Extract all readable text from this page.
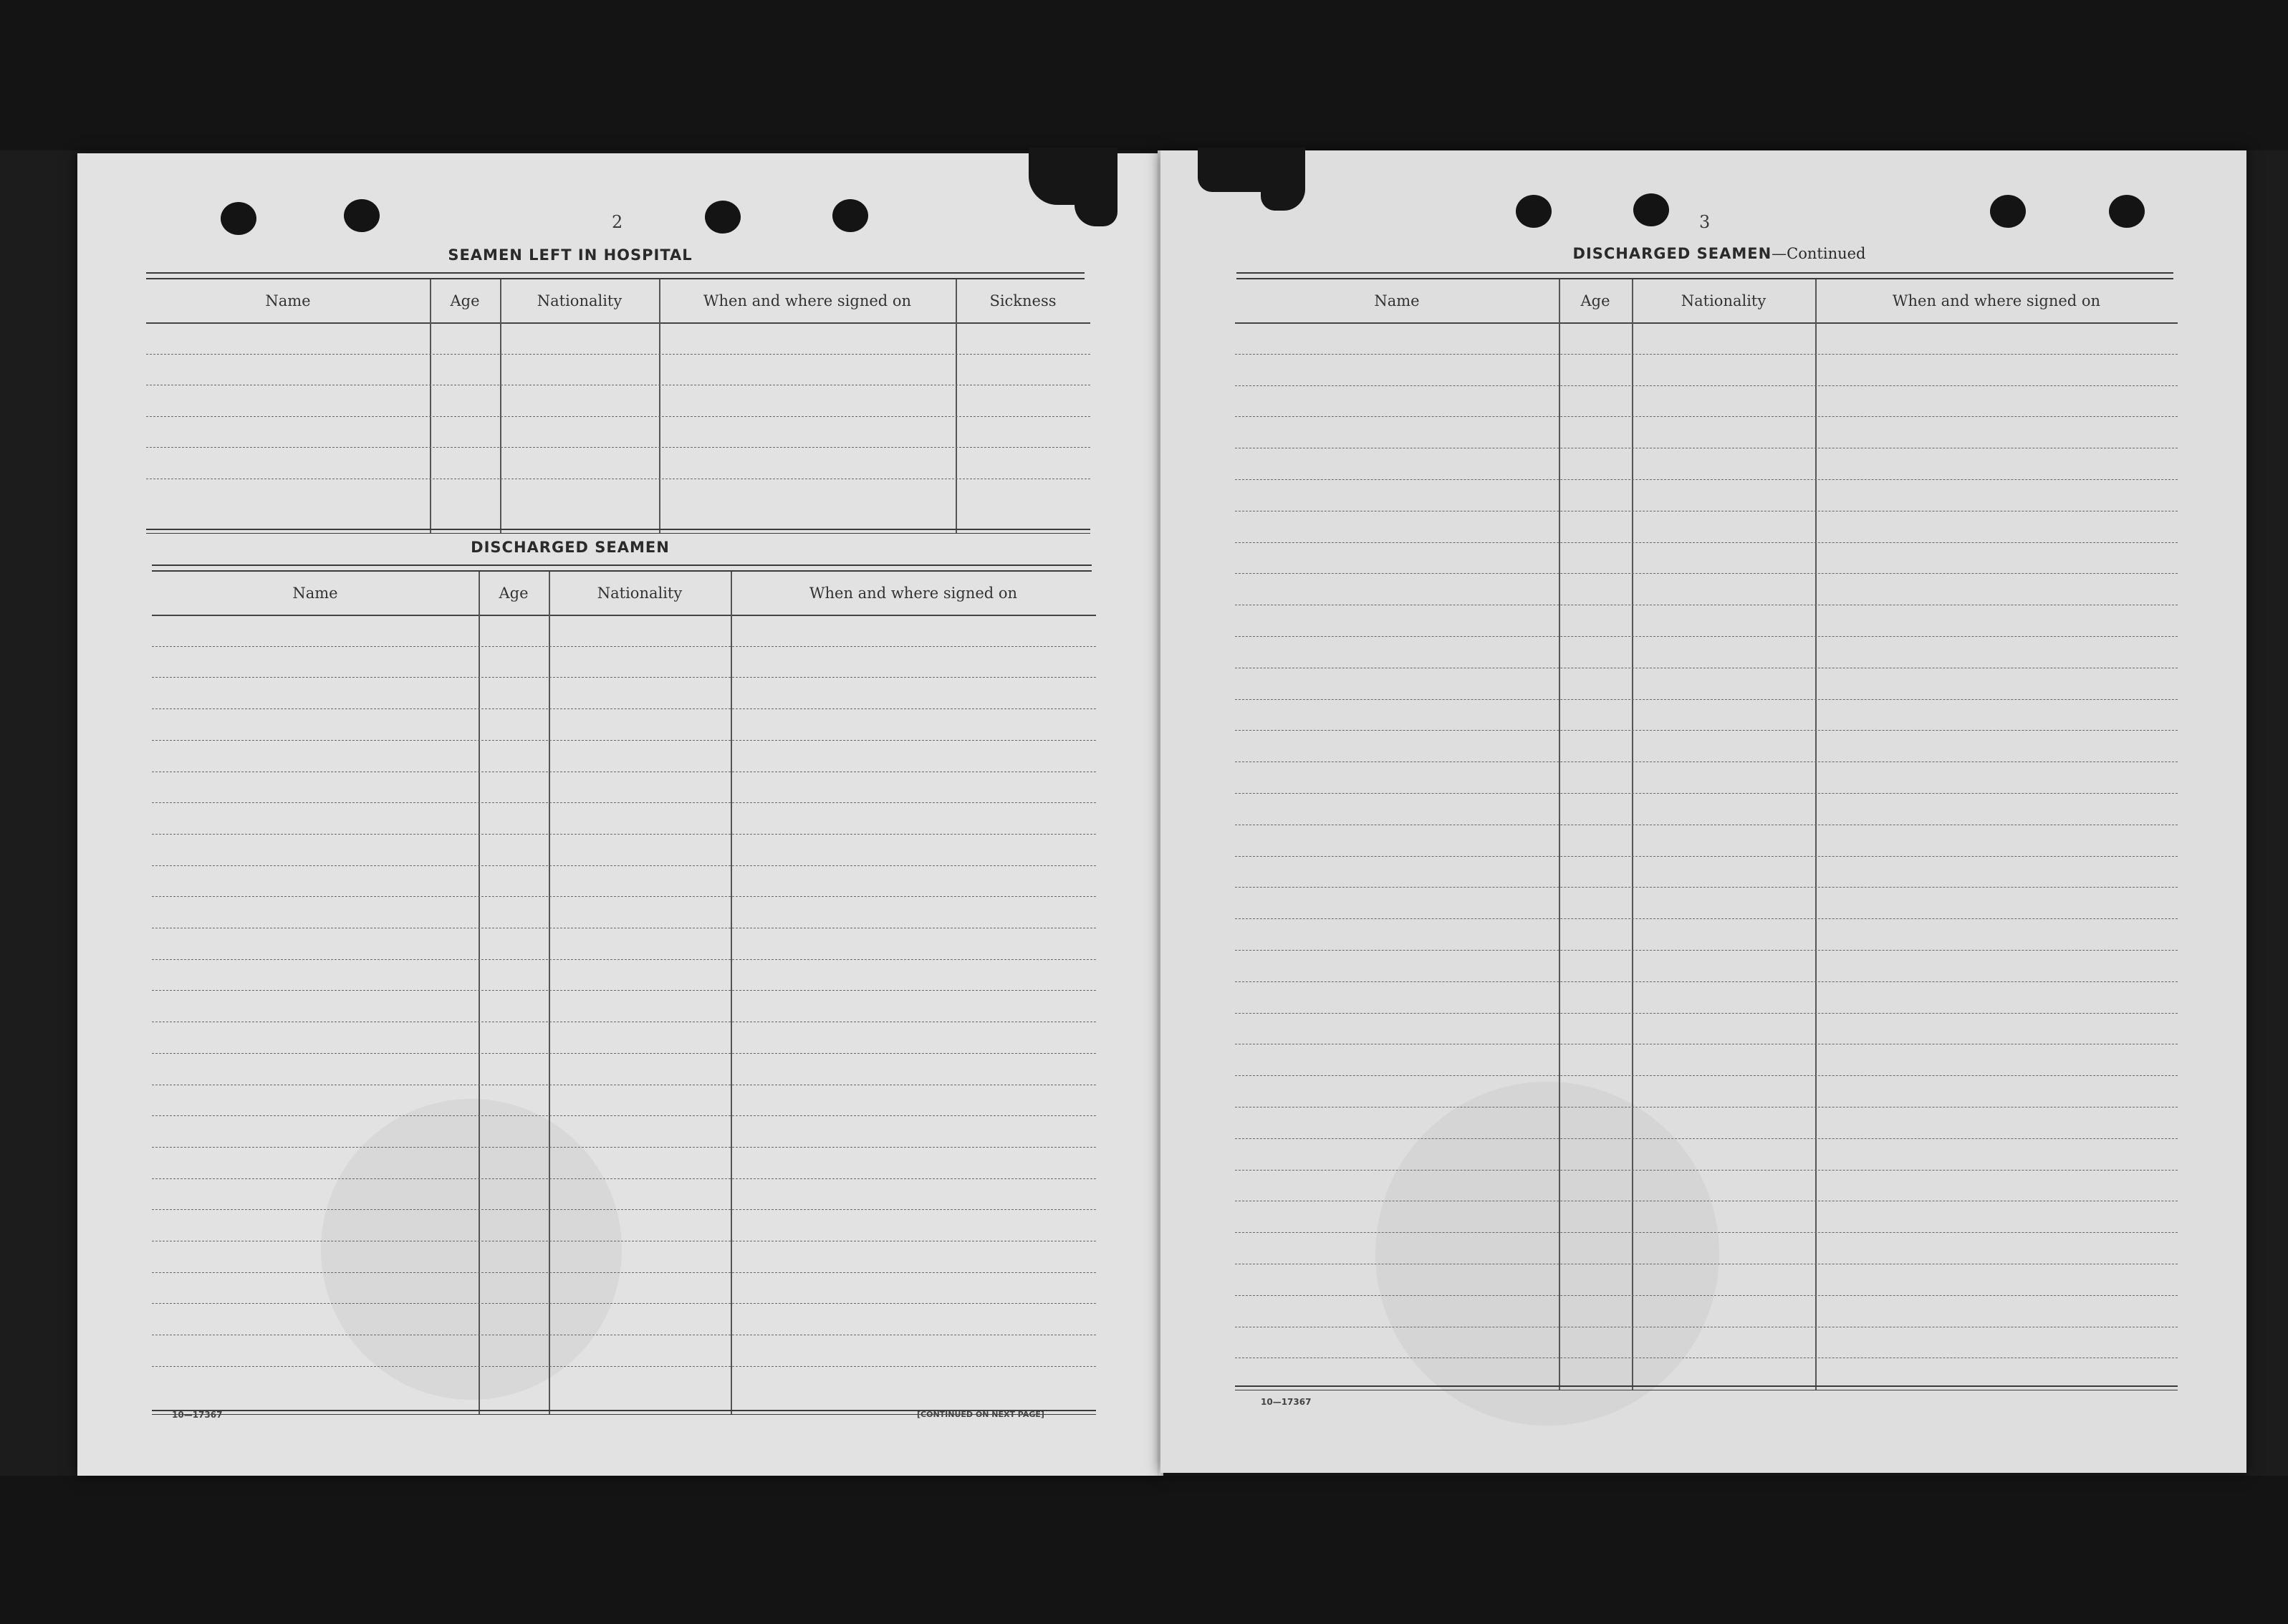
2
SEAMEN LEFT IN HOSPITAL
Name	Age	Nationality	When and where signed on	Sickness
DISCHARGED SEAMEN
Name	Age	Nationality	When and where signed on
10—17367	[CONTINUED ON NEXT PAGE]
3
DISCHARGED SEAMEN—Continued
Name	Age	Nationality	When and where signed on
10—17367
